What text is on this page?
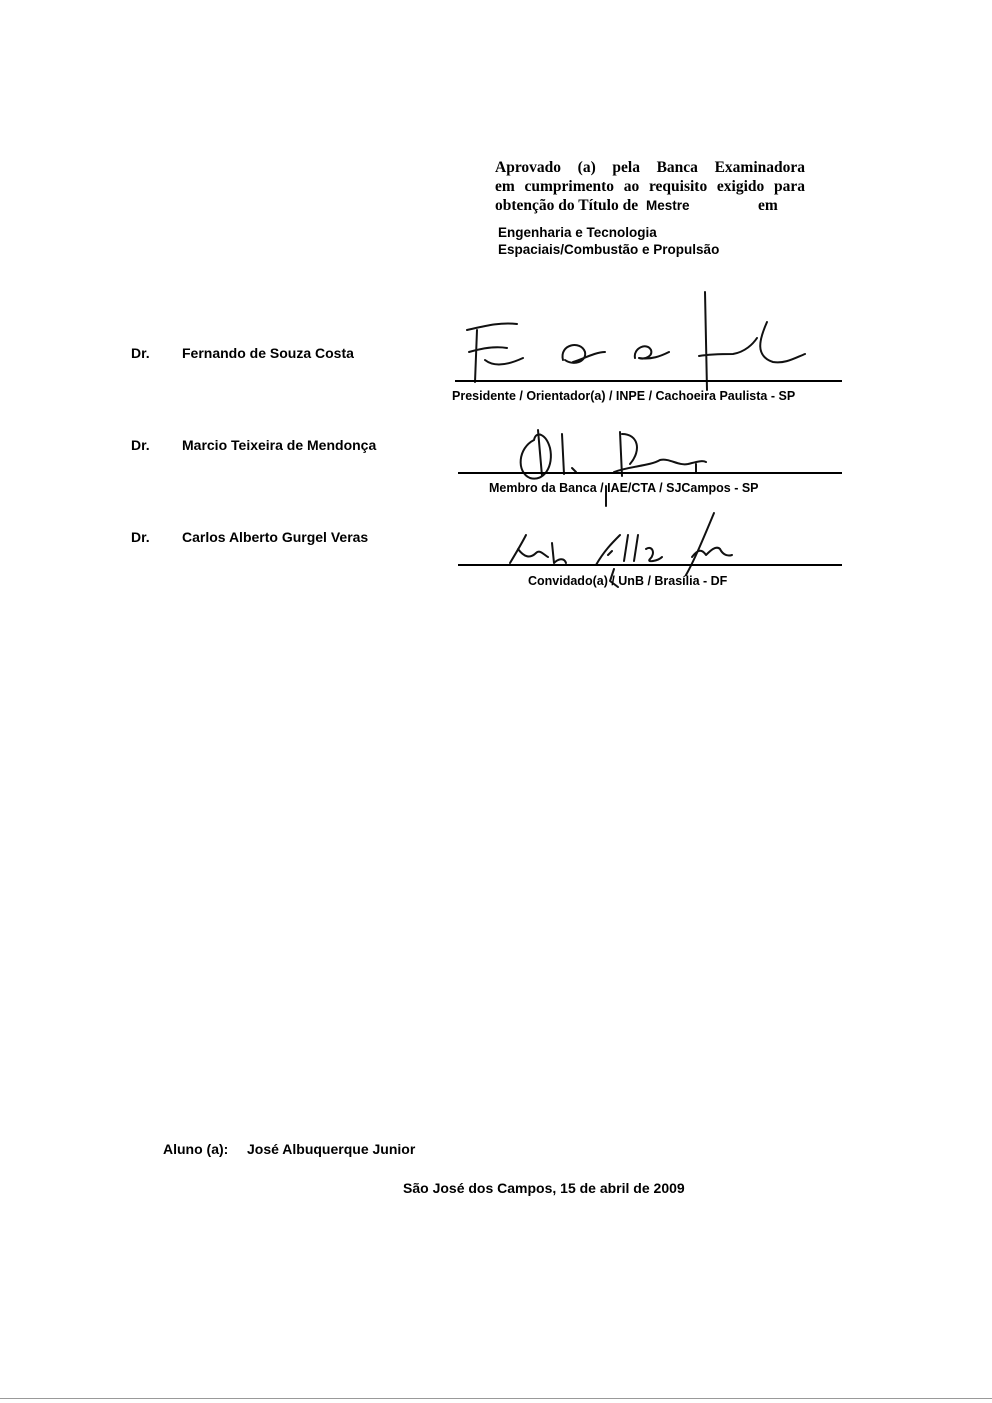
Aprovado (a) pela Banca Examinadora
em cumprimento ao requisito exigido para
obtenção do Título de Mestre	em
Engenharia e Tecnologia
Espaciais/Combustão e Propulsão
Dr. Fernando de Souza Costa
Presidente / Orientador(a) / INPE / Cachoeira Paulista - SP
Dr. Marcio Teixeira de Mendonça
Membro da Banca / IAE/CTA / SJCampos - SP
Dr. Carlos Alberto Gurgel Veras
Convidado(a) / UnB / Brasília - DF
Aluno (a): José Albuquerque Junior
São José dos Campos, 15 de abril de 2009
